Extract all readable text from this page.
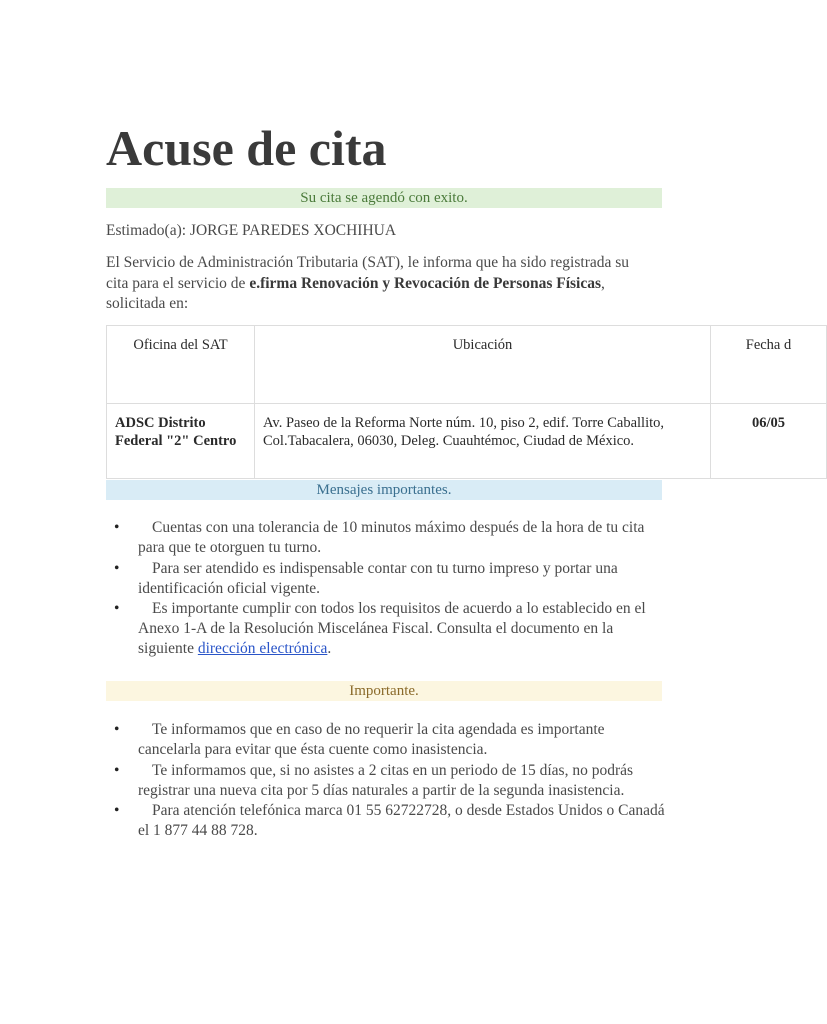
Acuse de cita
Su cita se agendó con exito.
Estimado(a): JORGE PAREDES XOCHIHUA
El Servicio de Administración Tributaria (SAT), le informa que ha sido registrada su cita para el servicio de e.firma Renovación y Revocación de Personas Físicas, solicitada en:
Oficina del SAT	Ubicación	Fecha d
ADSC Distrito Federal "2" Centro	Av. Paseo de la Reforma Norte núm. 10, piso 2, edif. Torre Caballito, Col.Tabacalera, 06030, Deleg. Cuauhtémoc, Ciudad de México.	06/05
Mensajes importantes.
• Cuentas con una tolerancia de 10 minutos máximo después de la hora de tu cita para que te otorguen tu turno.
• Para ser atendido es indispensable contar con tu turno impreso y portar una identificación oficial vigente.
• Es importante cumplir con todos los requisitos de acuerdo a lo establecido en el Anexo 1-A de la Resolución Miscelánea Fiscal. Consulta el documento en la siguiente dirección electrónica.
Importante.
• Te informamos que en caso de no requerir la cita agendada es importante cancelarla para evitar que ésta cuente como inasistencia.
• Te informamos que, si no asistes a 2 citas en un periodo de 15 días, no podrás registrar una nueva cita por 5 días naturales a partir de la segunda inasistencia.
• Para atención telefónica marca 01 55 62722728, o desde Estados Unidos o Canadá el 1 877 44 88 728.
